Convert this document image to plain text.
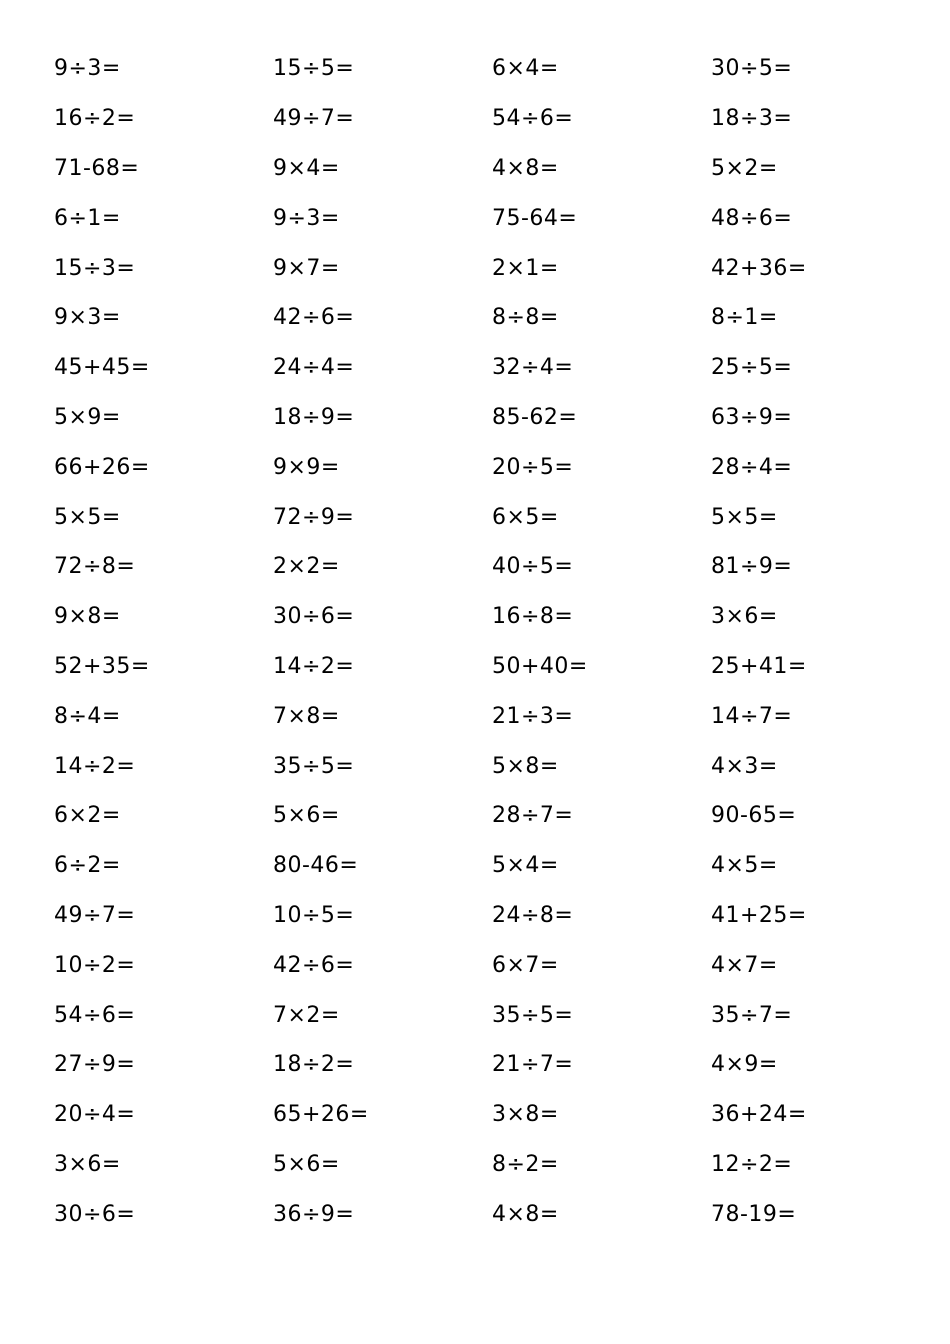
9÷3=	15÷5=	6×4=	30÷5=
16÷2=	49÷7=	54÷6=	18÷3=
71-68=	9×4=	4×8=	5×2=
6÷1=	9÷3=	75-64=	48÷6=
15÷3=	9×7=	2×1=	42+36=
9×3=	42÷6=	8÷8=	8÷1=
45+45=	24÷4=	32÷4=	25÷5=
5×9=	18÷9=	85-62=	63÷9=
66+26=	9×9=	20÷5=	28÷4=
5×5=	72÷9=	6×5=	5×5=
72÷8=	2×2=	40÷5=	81÷9=
9×8=	30÷6=	16÷8=	3×6=
52+35=	14÷2=	50+40=	25+41=
8÷4=	7×8=	21÷3=	14÷7=
14÷2=	35÷5=	5×8=	4×3=
6×2=	5×6=	28÷7=	90-65=
6÷2=	80-46=	5×4=	4×5=
49÷7=	10÷5=	24÷8=	41+25=
10÷2=	42÷6=	6×7=	4×7=
54÷6=	7×2=	35÷5=	35÷7=
27÷9=	18÷2=	21÷7=	4×9=
20÷4=	65+26=	3×8=	36+24=
3×6=	5×6=	8÷2=	12÷2=
30÷6=	36÷9=	4×8=	78-19=
